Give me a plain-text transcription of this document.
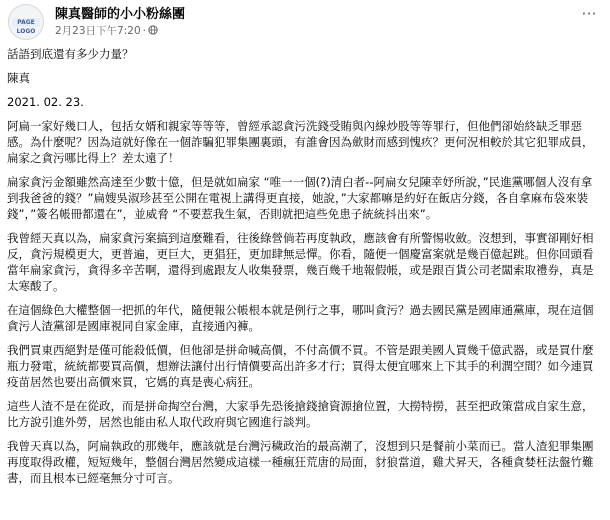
PAGE LOGO
陳真醫師的小小粉絲團
2月23日下午7:20 ·
···

話語到底還有多少力量？

陳真

2021. 02. 23.

阿扁一家好幾口人，包括女婿和親家等等等，曾經承認貪污洗錢受賄與內線炒股等等罪行，但他們卻始終缺乏罪惡感。為什麼呢？因為這就好像在一個詐騙犯罪集團裏頭，有誰會因為歛財而感到愧疚？更何況相較於其它犯罪成員，扁家之貪污哪比得上？差太遠了！

扁家貪污金額雖然高達至少數十億，但是就如扁家 “唯一一個(?)清白者--阿扁女兒陳幸妤所說，”民進黨哪個人沒有拿到我爸爸的錢？”扁嫂吳淑珍甚至公開在電視上講得更直接，她說，”大家都嘛是約好在飯店分錢，各自拿麻布袋來裝錢”，”簽名帳冊都還在”，並威脅 “不要惹我生氣，否則就把這些免患子統統抖出來”。

我曾經天真以為，扁家貪污案搞到這麼難看，往後綠營倘若再度執政，應該會有所警惕收斂。沒想到，事實卻剛好相反，貪污規模更大，更普遍，更巨大，更猖狂，更加肆無忌憚。你看，隨便一個慶富案就是幾百億起跳。但你回頭看當年扁家貪污，貪得多辛苦啊，還得到處跟友人收集發票，幾百幾千地報假帳，或是跟百貨公司老闆索取禮券，真是太寒酸了。

在這個綠色大權整個一把抓的年代，隨便報公帳根本就是例行之事，哪叫貪污？過去國民黨是國庫通黨庫，現在這個貪污人渣黨卻是國庫視同自家金庫，直接通內褲。

我們買東西絕對是僅可能殺低價，但他卻是拼命喊高價，不付高價不買。不管是跟美國人買幾千億武器，或是買什麼瓶力發電，統統都要買高價，想辦法讓付出行情價要高出許多才行；買得太便宜哪來上下其手的利潤空間？如今連買疫苗居然也要出高價來買，它媽的真是喪心病狂。

這些人渣不是在從政，而是拼命掏空台灣，大家爭先恐後搶錢搶資源搶位置，大撈特撈，甚至把政策當成自家生意，比方說引進外勞，居然也能由私人取代政府與它國進行談判。

我曾天真以為，阿扁執政的那幾年，應該就是台灣污穢政治的最高潮了，沒想到只是餐前小菜而已。當人渣犯罪集團再度取得政權，短短幾年，整個台灣居然變成這樣一種瘋狂荒唐的局面，豺狼當道，雞犬昇天，各種貪婪枉法盤竹難書，而且根本已經毫無分寸可言。
